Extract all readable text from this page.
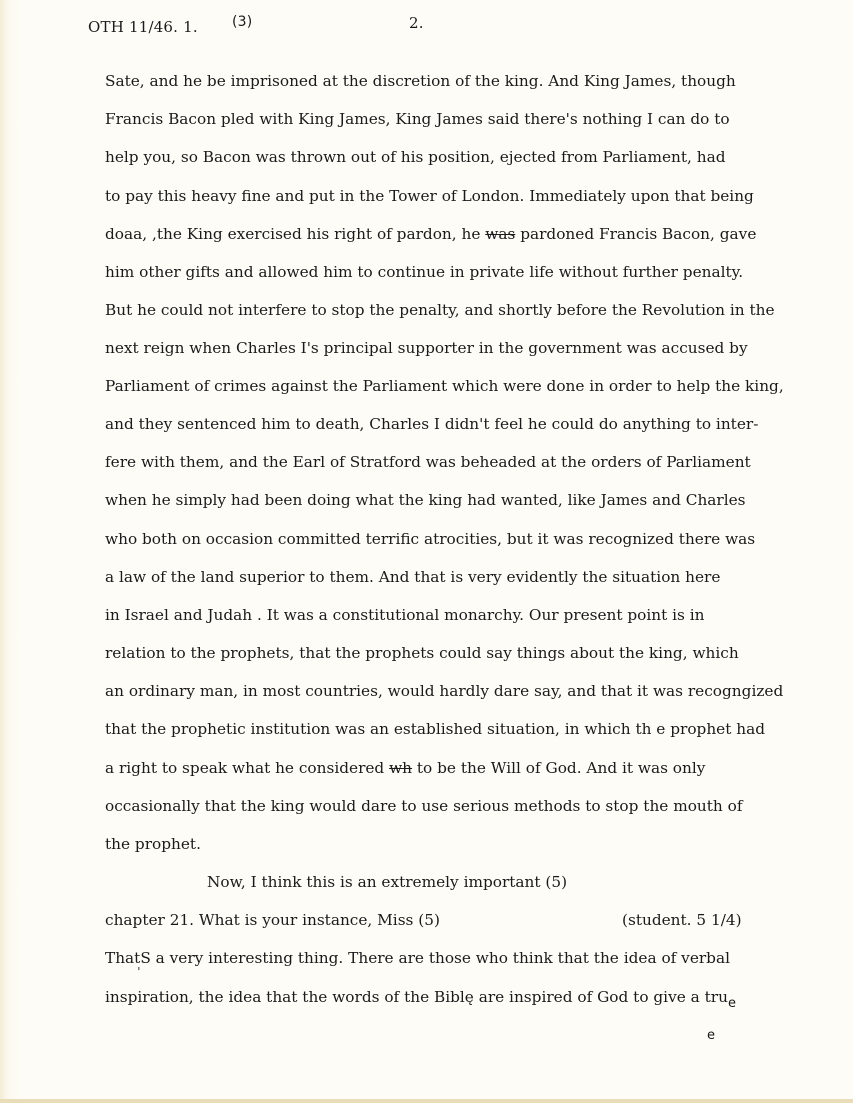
OTH 11/46. 1. (3)	2.
Sate, and he be imprisoned at the discretion of the king. And King James, though
Francis Bacon pled with King James, King James said there's nothing I can do to
help you, so Bacon was thrown out of his position, ejected from Parliament, had
to pay this heavy fine and put in the Tower of London. Immediately upon that being
doaa, ,the King exercised his right of pardon, he was pardoned Francis Bacon, gave
him other gifts and allowed him to continue in private life without further penalty.
But he could not interfere to stop the penalty, and shortly before the Revolution in the
next reign when Charles I's principal supporter in the government was accused by
Parliament of crimes against the Parliament which were done in order to help the king,
and they sentenced him to death, Charles I didn't feel he could do anything to inter-
fere with them, and the Earl of Stratford was beheaded at the orders of Parliament
when he simply had been doing what the king had wanted, like James and Charles
who both on occasion committed terrific atrocities, but it was recognized there was
a law of the land superior to them. And that is very evidently the situation here
in Israel and Judah . It was a constitutional monarchy. Our present point is in
relation to the prophets, that the prophets could say things about the king, which
an ordinary man, in most countries, would hardly dare say, and that it was recogngized
that the prophetic institution was an established situation, in which th e prophet had
a right to speak what he considered wh to be the Will of God. And it was only
occasionally that the king would dare to use serious methods to stop the mouth of
the prophet.
Now, I think this is an extremely important (5)
chapter 21. What is your instance, Miss (5)	(student. 5 1/4)
That
'
S a very interesting thing. There are those who think that the idea of verbal
inspiration, the idea that the words of the Biblę are inspired of God to give a tru$_e$
e
